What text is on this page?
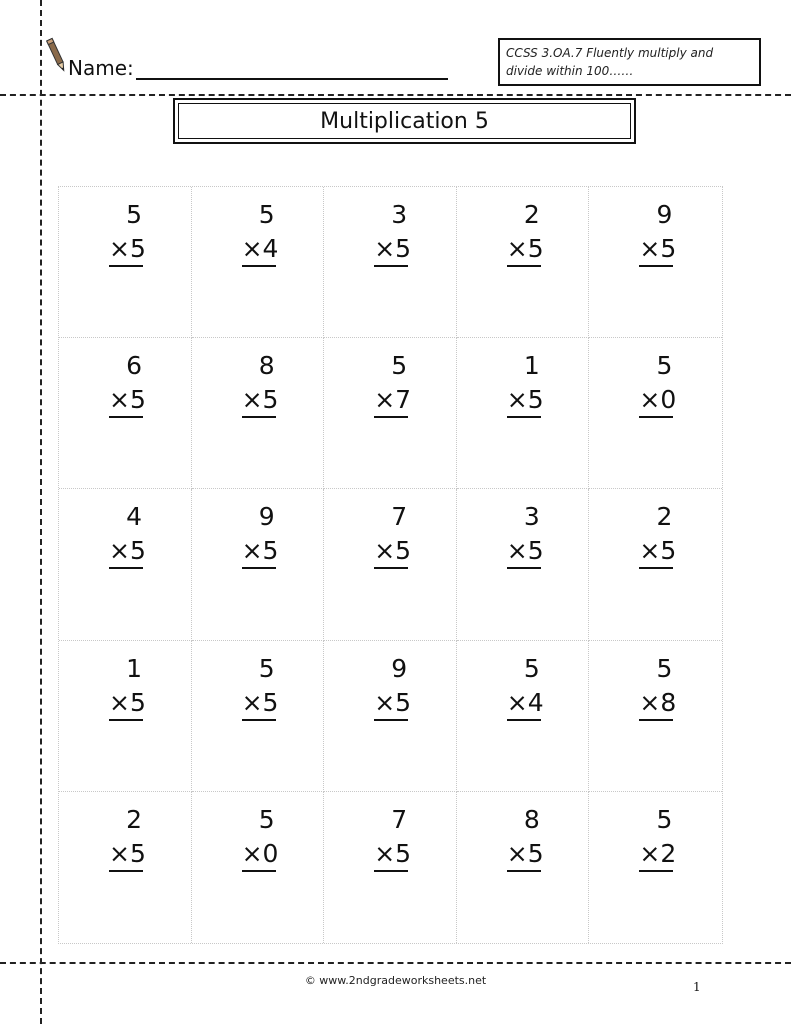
Name:
CCSS 3.OA.7 Fluently multiply and divide within 100……
Multiplication 5
5
×5
5
×4
3
×5
2
×5
9
×5
6
×5
8
×5
5
×7
1
×5
5
×0
4
×5
9
×5
7
×5
3
×5
2
×5
1
×5
5
×5
9
×5
5
×4
5
×8
2
×5
5
×0
7
×5
8
×5
5
×2
© www.2ndgradeworksheets.net	1
